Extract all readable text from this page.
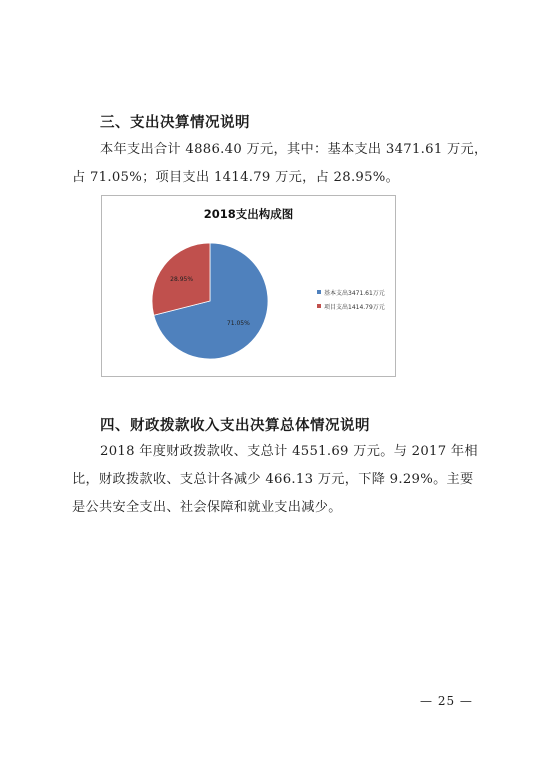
三、支出决算情况说明
本年支出合计 4886.40 万元，其中：基本支出 3471.61 万元，
占 71.05%；项目支出 1414.79 万元，占 28.95%。
2018支出构成图
71.05%
28.95%
基本支出3471.61万元
项目支出1414.79万元
四、财政拨款收入支出决算总体情况说明
2018 年度财政拨款收、支总计 4551.69 万元。与 2017 年相
比，财政拨款收、支总计各减少 466.13 万元，下降 9.29%。主要
是公共安全支出、社会保障和就业支出减少。
— 25 —
